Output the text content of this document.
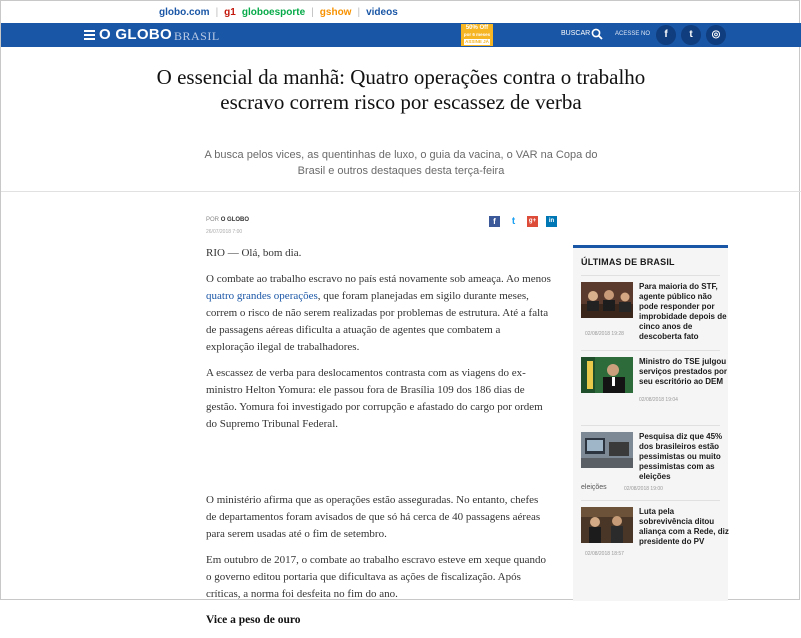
globo.com | g1 globoesporte | gshow | videos
O GLOBO BRASIL
50% Off
por 6 meses
ASSINE JÁ
BUSCAR	ACESSE NO	f	t	◎
O essencial da manhã: Quatro operações contra o trabalho escravo correm risco por escassez de verba

A busca pelos vices, as quentinhas de luxo, o guia da vacina, o VAR na Copa do Brasil e outros destaques desta terça-feira

POR O GLOBO
26/07/2018 7:00
f	t	g+	in

RIO — Olá, bom dia.

O combate ao trabalho escravo no país está novamente sob ameaça. Ao menos quatro grandes operações, que foram planejadas em sigilo durante meses, correm o risco de não serem realizadas por problemas de estrutura. Até a falta de passagens aéreas dificulta a atuação de agentes que combatem a exploração ilegal de trabalhadores.

A escassez de verba para deslocamentos contrasta com as viagens do ex-ministro Helton Yomura: ele passou fora de Brasília 109 dos 186 dias de gestão. Yomura foi investigado por corrupção e afastado do cargo por ordem do Supremo Tribunal Federal.

O ministério afirma que as operações estão asseguradas. No entanto, chefes de departamentos foram avisados de que só há cerca de 40 passagens aéreas para serem usadas até o fim de setembro.

Em outubro de 2017, o combate ao trabalho escravo esteve em xeque quando o governo editou portaria que dificultava as ações de fiscalização. Após críticas, a norma foi desfeita no fim do ano.

Vice a peso de ouro

ÚLTIMAS DE BRASIL
Para maioria do STF, agente público não pode responder por improbidade depois de cinco anos de descoberta fato
02/08/2018 19:28
Ministro do TSE julgou serviços prestados por seu escritório ao DEM
02/08/2018 19:04
Pesquisa diz que 45% dos brasileiros estão pessimistas ou muito pessimistas com as eleições
eleições	02/08/2018 19:00
Luta pela sobrevivência ditou aliança com a Rede, diz presidente do PV
02/08/2018 18:57
